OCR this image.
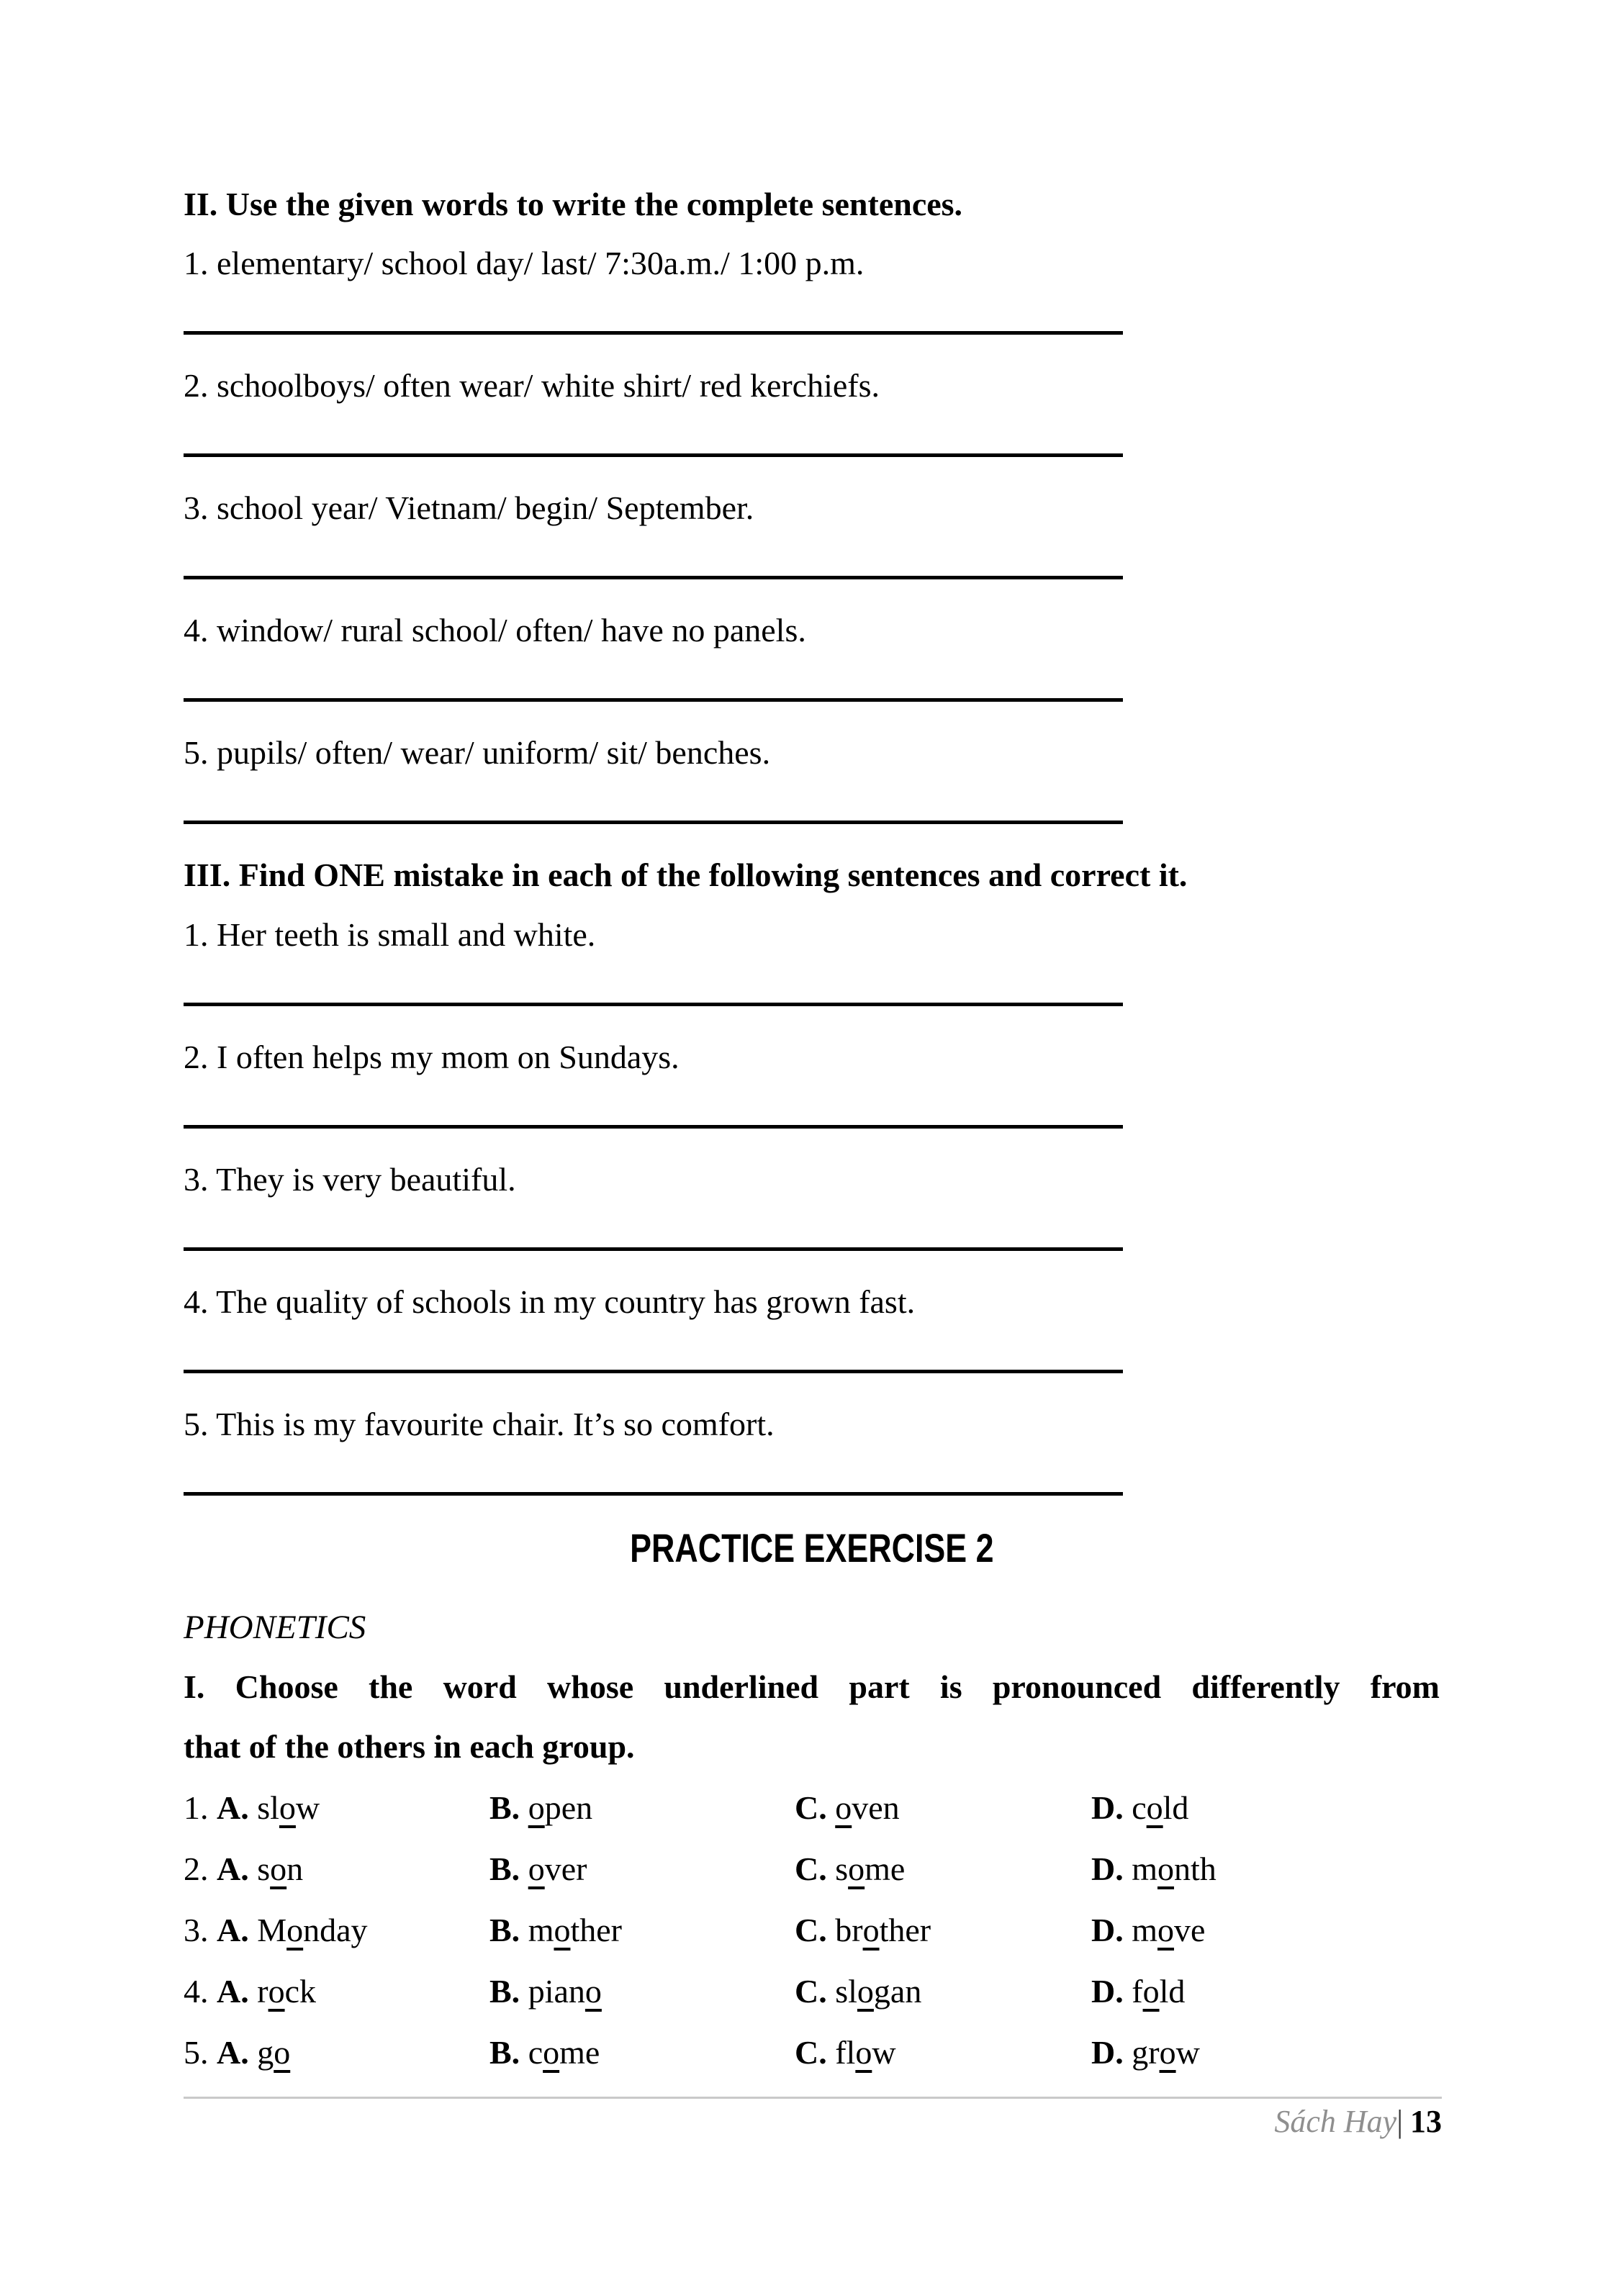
II. Use the given words to write the complete sentences.
1. elementary/ school day/ last/ 7:30a.m./ 1:00 p.m.
2. schoolboys/ often wear/ white shirt/ red kerchiefs.
3. school year/ Vietnam/ begin/ September.
4. window/ rural school/ often/ have no panels.
5. pupils/ often/ wear/ uniform/ sit/ benches.
III. Find ONE mistake in each of the following sentences and correct it.
1. Her teeth is small and white.
2. I often helps my mom on Sundays.
3. They is very beautiful.
4. The quality of schools in my country has grown fast.
5. This is my favourite chair. It’s so comfort.
PRACTICE EXERCISE 2
PHONETICS
I. Choose the word whose underlined part is pronounced differently from
that of the others in each group.
1. A. slow	B. open	C. oven	D. cold
2. A. son	B. over	C. some	D. month
3. A. Monday	B. mother	C. brother	D. move
4. A. rock	B. piano	C. slogan	D. fold
5. A. go	B. come	C. flow	D. grow
Sách Hay| 13
